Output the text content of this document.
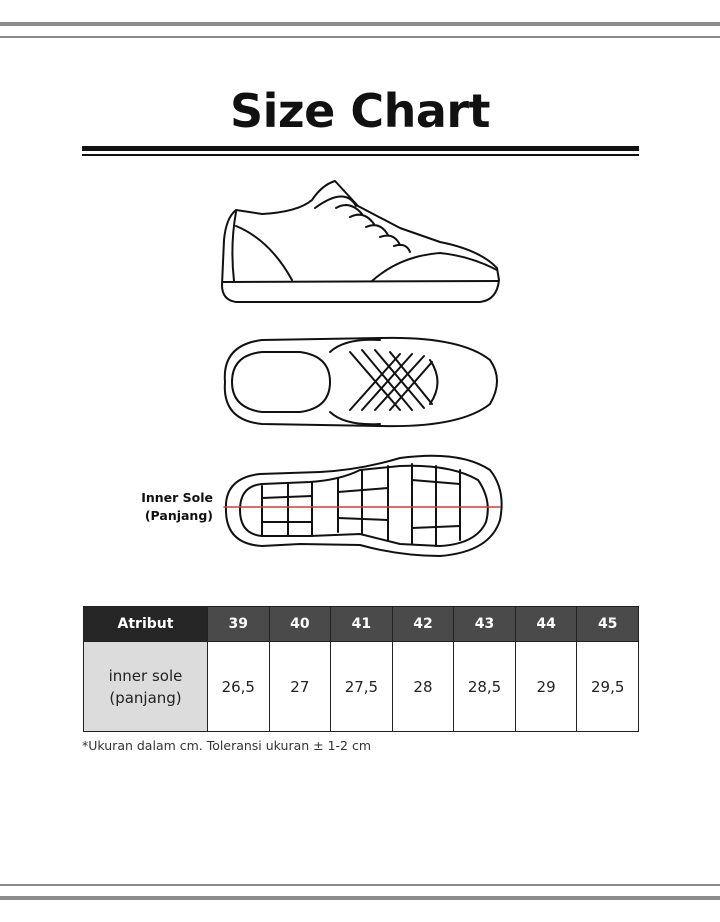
Size Chart
Inner Sole
(Panjang)
Atribut	39	40	41	42	43	44	45

inner sole
(panjang)	26,5	27	27,5	28	28,5	29	29,5
*Ukuran dalam cm. Toleransi ukuran ± 1-2 cm
